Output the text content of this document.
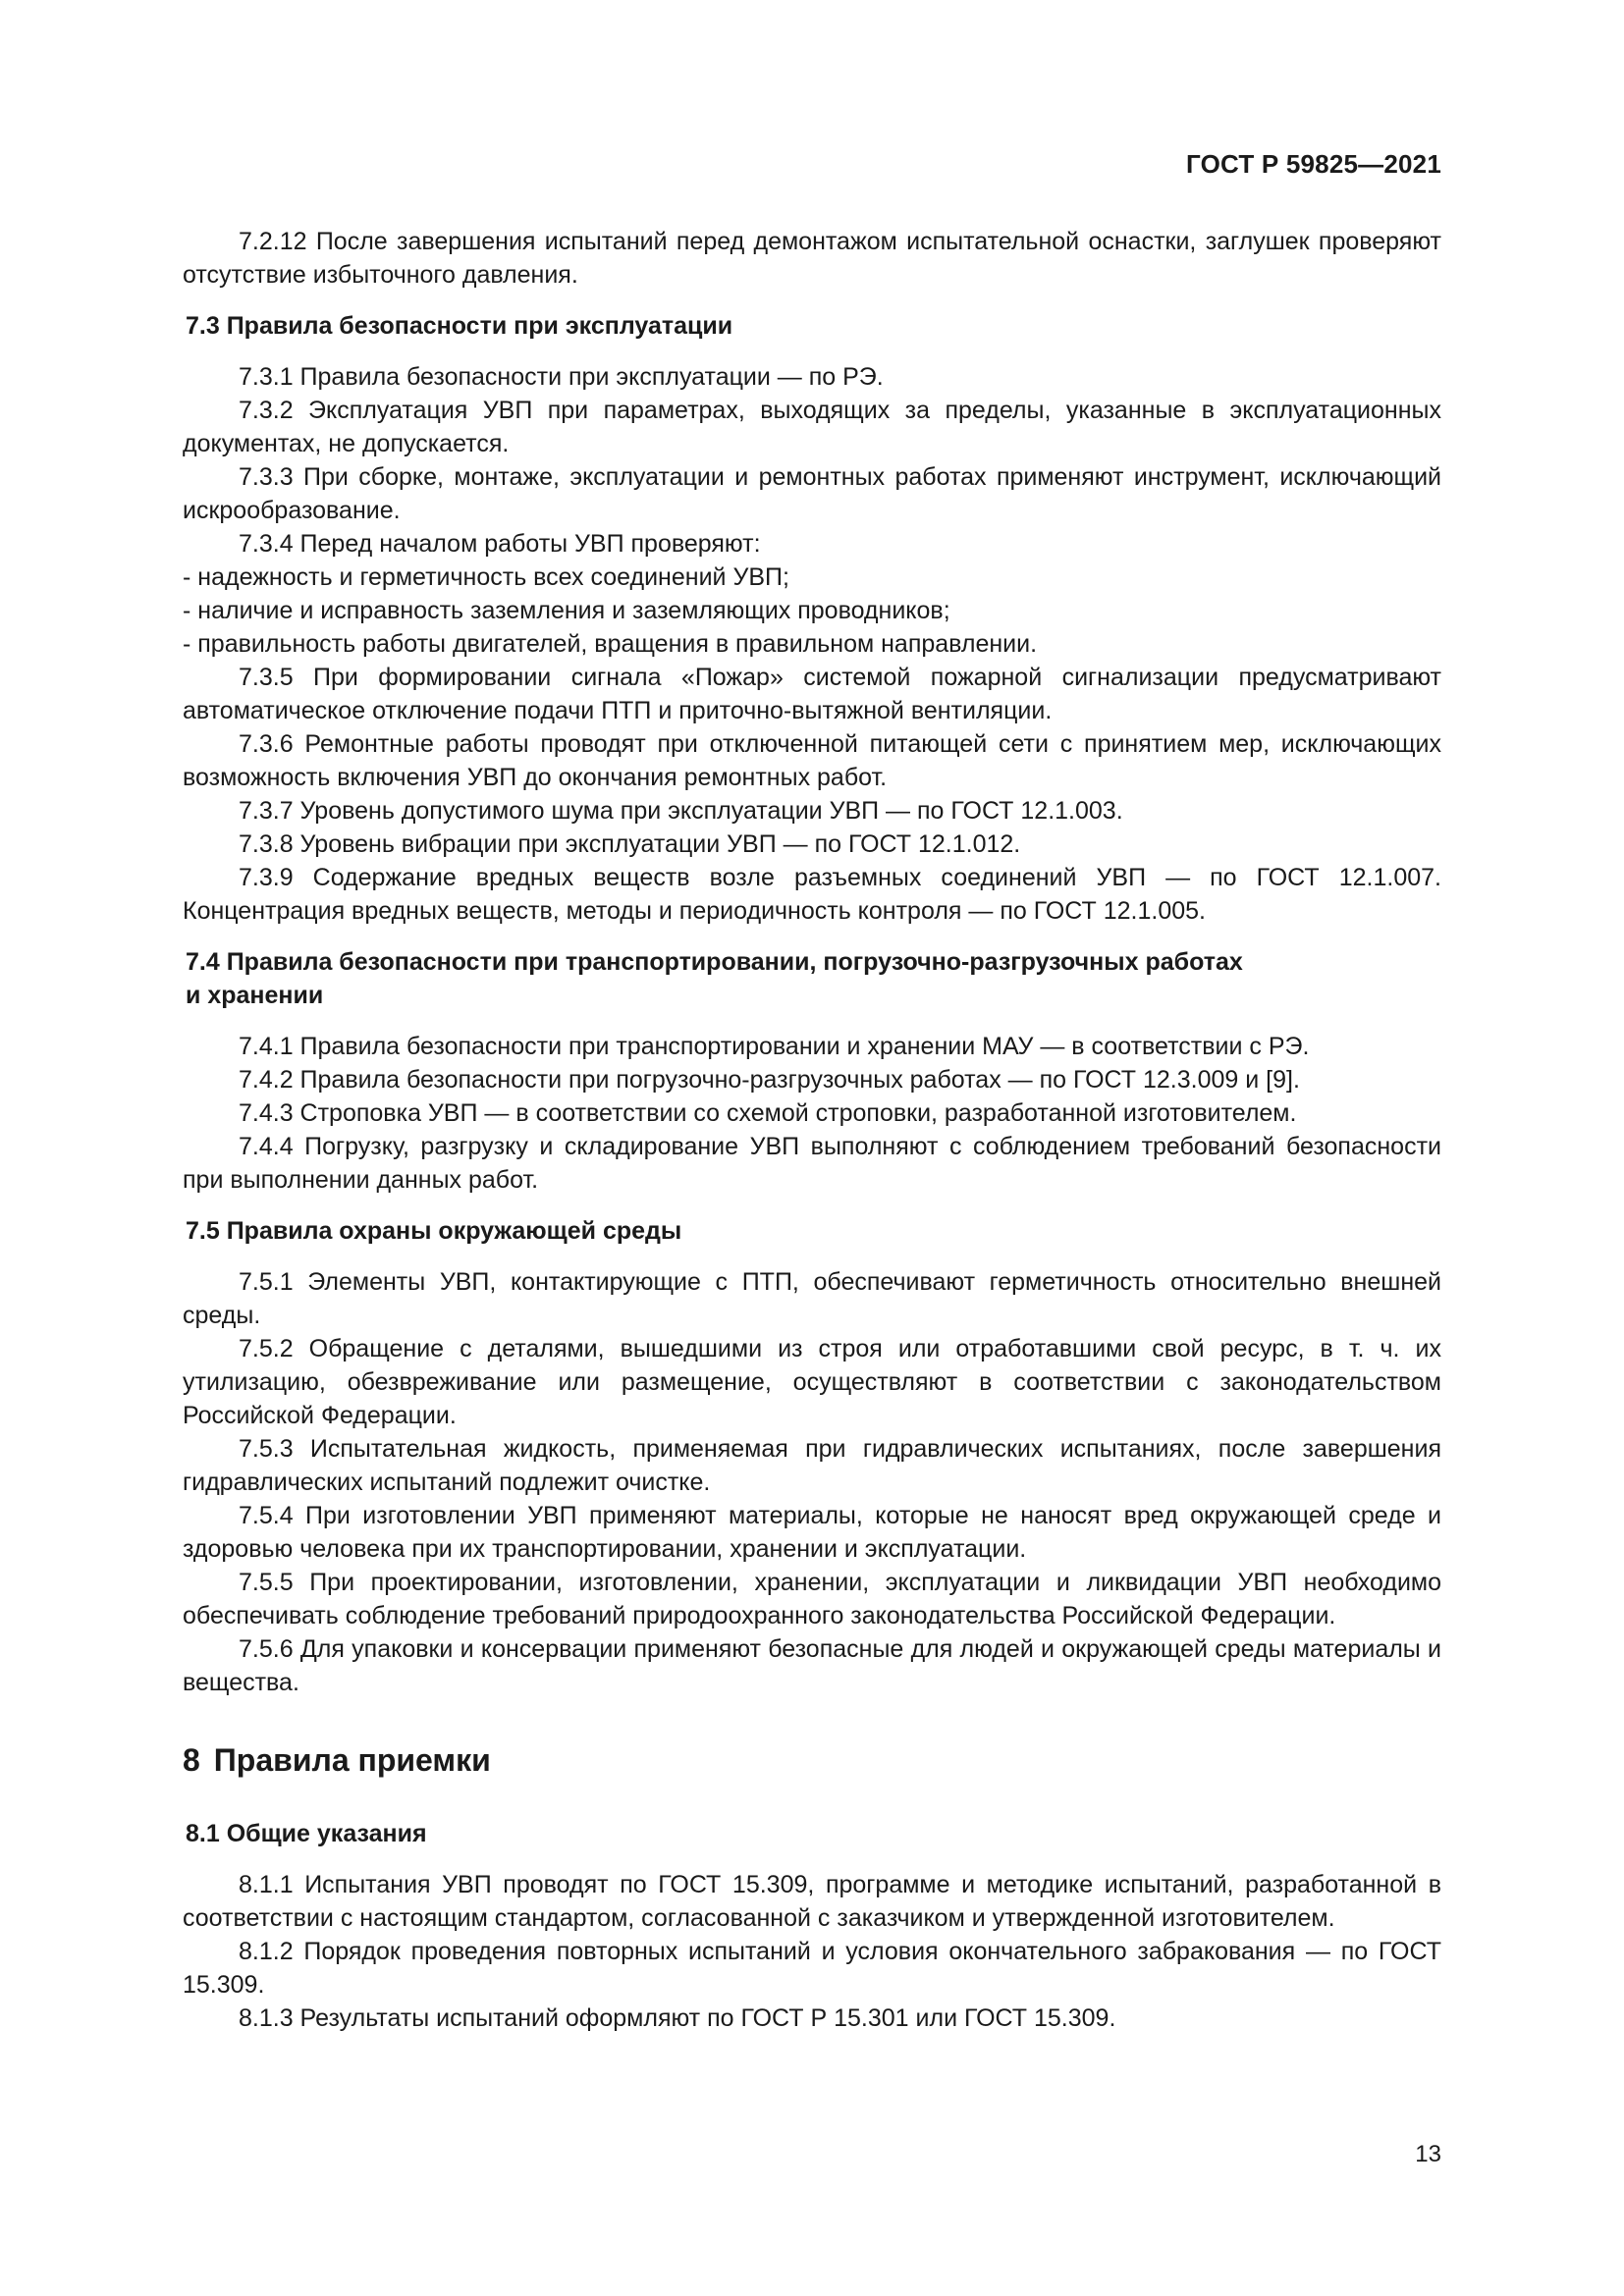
ГОСТ Р 59825—2021

7.2.12 После завершения испытаний перед демонтажом испытательной оснастки, заглушек проверяют отсутствие избыточного давления.

7.3 Правила безопасности при эксплуатации

7.3.1 Правила безопасности при эксплуатации — по РЭ.

7.3.2 Эксплуатация УВП при параметрах, выходящих за пределы, указанные в эксплуатационных документах, не допускается.

7.3.3 При сборке, монтаже, эксплуатации и ремонтных работах применяют инструмент, исключающий искрообразование.

7.3.4 Перед началом работы УВП проверяют:

- надежность и герметичность всех соединений УВП;

- наличие и исправность заземления и заземляющих проводников;

- правильность работы двигателей, вращения в правильном направлении.

7.3.5 При формировании сигнала «Пожар» системой пожарной сигнализации предусматривают автоматическое отключение подачи ПТП и приточно-вытяжной вентиляции.

7.3.6 Ремонтные работы проводят при отключенной питающей сети с принятием мер, исключающих возможность включения УВП до окончания ремонтных работ.

7.3.7 Уровень допустимого шума при эксплуатации УВП — по ГОСТ 12.1.003.

7.3.8 Уровень вибрации при эксплуатации УВП — по ГОСТ 12.1.012.

7.3.9 Содержание вредных веществ возле разъемных соединений УВП — по ГОСТ 12.1.007. Концентрация вредных веществ, методы и периодичность контроля — по ГОСТ 12.1.005.

7.4 Правила безопасности при транспортировании, погрузочно-разгрузочных работах
и хранении

7.4.1 Правила безопасности при транспортировании и хранении МАУ — в соответствии с РЭ.

7.4.2 Правила безопасности при погрузочно-разгрузочных работах — по ГОСТ 12.3.009 и [9].

7.4.3 Строповка УВП — в соответствии со схемой строповки, разработанной изготовителем.

7.4.4 Погрузку, разгрузку и складирование УВП выполняют с соблюдением требований безопасности при выполнении данных работ.

7.5 Правила охраны окружающей среды

7.5.1 Элементы УВП, контактирующие с ПТП, обеспечивают герметичность относительно внешней среды.

7.5.2 Обращение с деталями, вышедшими из строя или отработавшими свой ресурс, в т. ч. их утилизацию, обезвреживание или размещение, осуществляют в соответствии с законодательством Российской Федерации.

7.5.3 Испытательная жидкость, применяемая при гидравлических испытаниях, после завершения гидравлических испытаний подлежит очистке.

7.5.4 При изготовлении УВП применяют материалы, которые не наносят вред окружающей среде и здоровью человека при их транспортировании, хранении и эксплуатации.

7.5.5 При проектировании, изготовлении, хранении, эксплуатации и ликвидации УВП необходимо обеспечивать соблюдение требований природоохранного законодательства Российской Федерации.

7.5.6 Для упаковки и консервации применяют безопасные для людей и окружающей среды материалы и вещества.

8 Правила приемки
8.1 Общие указания

8.1.1 Испытания УВП проводят по ГОСТ 15.309, программе и методике испытаний, разработанной в соответствии с настоящим стандартом, согласованной с заказчиком и утвержденной изготовителем.

8.1.2 Порядок проведения повторных испытаний и условия окончательного забракования — по ГОСТ 15.309.

8.1.3 Результаты испытаний оформляют по ГОСТ Р 15.301 или ГОСТ 15.309.

13
